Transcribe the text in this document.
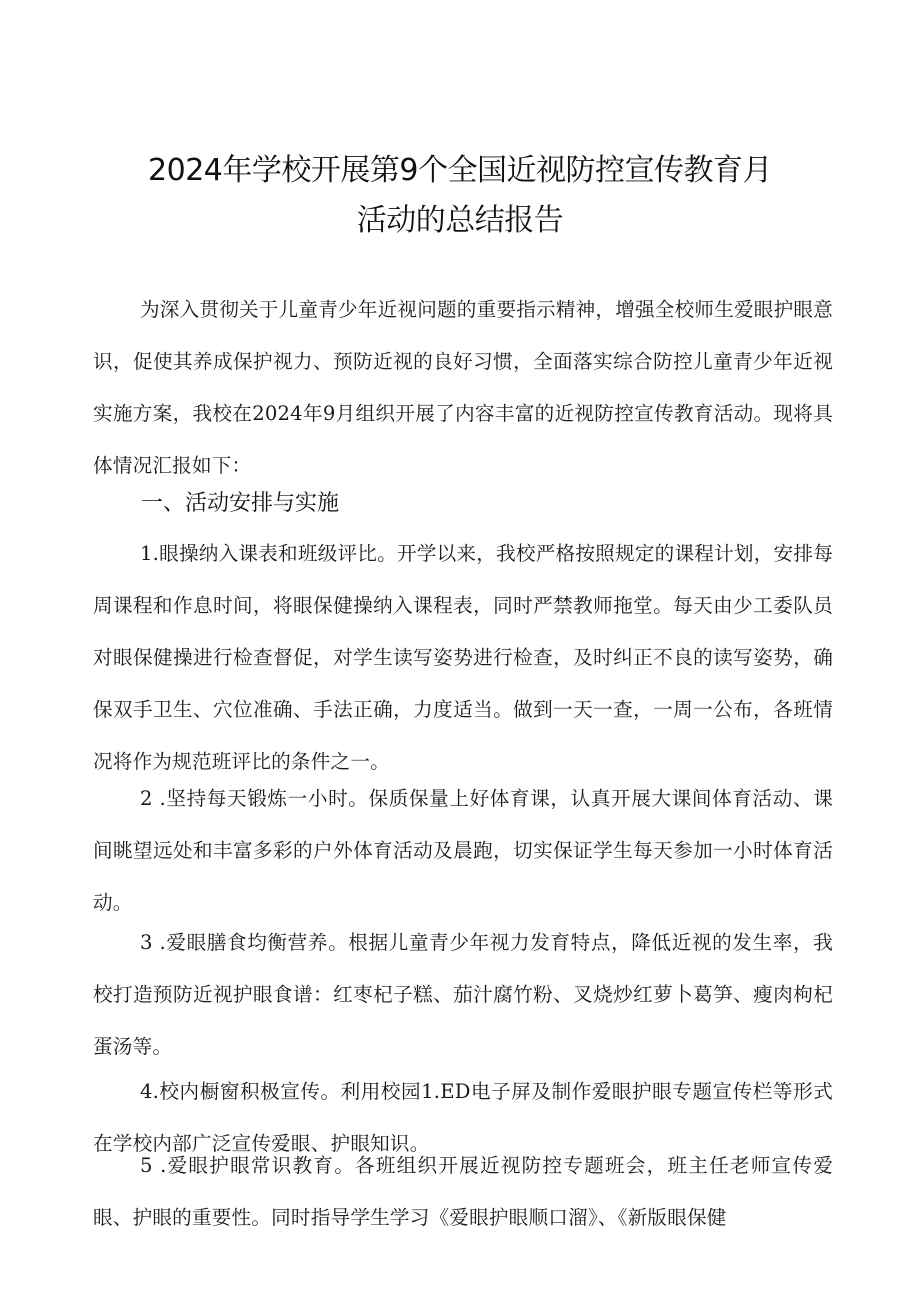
2024年学校开展第9个全国近视防控宣传教育月
活动的总结报告

为深入贯彻关于儿童青少年近视问题的重要指示精神，增强全校师生爱眼护眼意识，促使其养成保护视力、预防近视的良好习惯，全面落实综合防控儿童青少年近视实施方案，我校在2024年9月组织开展了内容丰富的近视防控宣传教育活动。现将具体情况汇报如下：

一、活动安排与实施

1.眼操纳入课表和班级评比。开学以来，我校严格按照规定的课程计划，安排每周课程和作息时间，将眼保健操纳入课程表，同时严禁教师拖堂。每天由少工委队员对眼保健操进行检查督促，对学生读写姿势进行检查，及时纠正不良的读写姿势，确保双手卫生、穴位准确、手法正确，力度适当。做到一天一查，一周一公布，各班情况将作为规范班评比的条件之一。

2 .坚持每天锻炼一小时。保质保量上好体育课，认真开展大课间体育活动、课间眺望远处和丰富多彩的户外体育活动及晨跑，切实保证学生每天参加一小时体育活动。

3 .爱眼膳食均衡营养。根据儿童青少年视力发育特点，降低近视的发生率，我校打造预防近视护眼食谱：红枣杞子糕、茄汁腐竹粉、叉烧炒红萝卜葛笋、瘦肉枸杞蛋汤等。

4.校内橱窗积极宣传。利用校园1.ED电子屏及制作爱眼护眼专题宣传栏等形式在学校内部广泛宣传爱眼、护眼知识。

5 .爱眼护眼常识教育。各班组织开展近视防控专题班会，班主任老师宣传爱眼、护眼的重要性。同时指导学生学习《爱眼护眼顺口溜》、《新版眼保健
